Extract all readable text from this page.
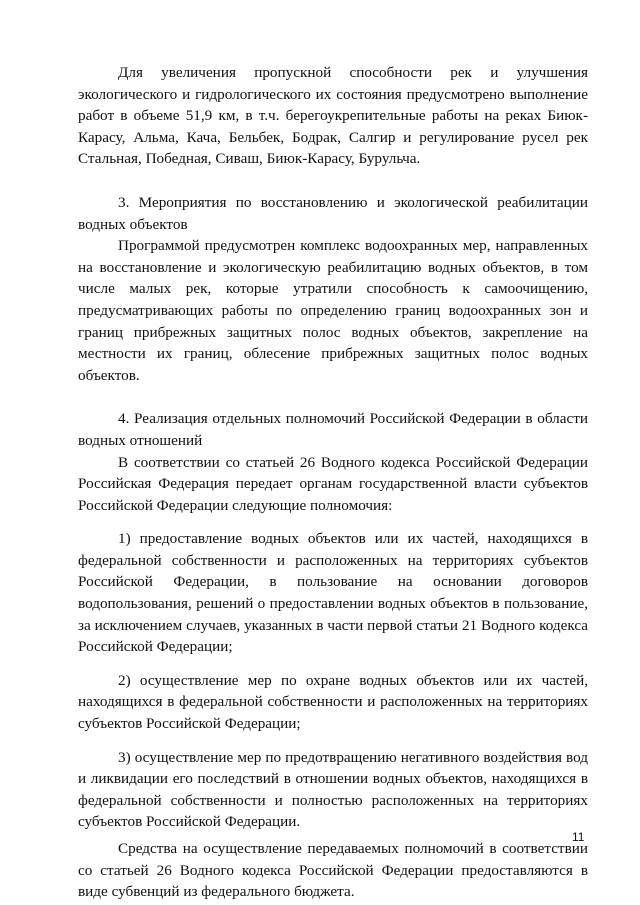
Для увеличения пропускной способности рек и улучшения экологического и гидрологического их состояния предусмотрено выполнение работ в объеме 51,9 км, в т.ч. берегоукрепительные работы на реках Биюк-Карасу, Альма, Кача, Бельбек, Бодрак, Салгир и регулирование русел рек Стальная, Победная, Сиваш, Биюк-Карасу, Бурульча.

3. Мероприятия по восстановлению и экологической реабилитации водных объектов

Программой предусмотрен комплекс водоохранных мер, направленных на восстановление и экологическую реабилитацию водных объектов, в том числе малых рек, которые утратили способность к самоочищению, предусматривающих работы по определению границ водоохранных зон и границ прибрежных защитных полос водных объектов, закрепление на местности их границ, облесение прибрежных защитных полос водных объектов.

4. Реализация отдельных полномочий Российской Федерации в области водных отношений

В соответствии со статьей 26 Водного кодекса Российской Федерации Российская Федерация передает органам государственной власти субъектов Российской Федерации следующие полномочия:

1) предоставление водных объектов или их частей, находящихся в федеральной собственности и расположенных на территориях субъектов Российской Федерации, в пользование на основании договоров водопользования, решений о предоставлении водных объектов в пользование, за исключением случаев, указанных в части первой статьи 21 Водного кодекса Российской Федерации;

2) осуществление мер по охране водных объектов или их частей, находящихся в федеральной собственности и расположенных на территориях субъектов Российской Федерации;

3) осуществление мер по предотвращению негативного воздействия вод и ликвидации его последствий в отношении водных объектов, находящихся в федеральной собственности и полностью расположенных на территориях субъектов Российской Федерации.

Средства на осуществление передаваемых полномочий в соответствии со статьей 26 Водного кодекса Российской Федерации предоставляются в виде субвенций из федерального бюджета.

11
